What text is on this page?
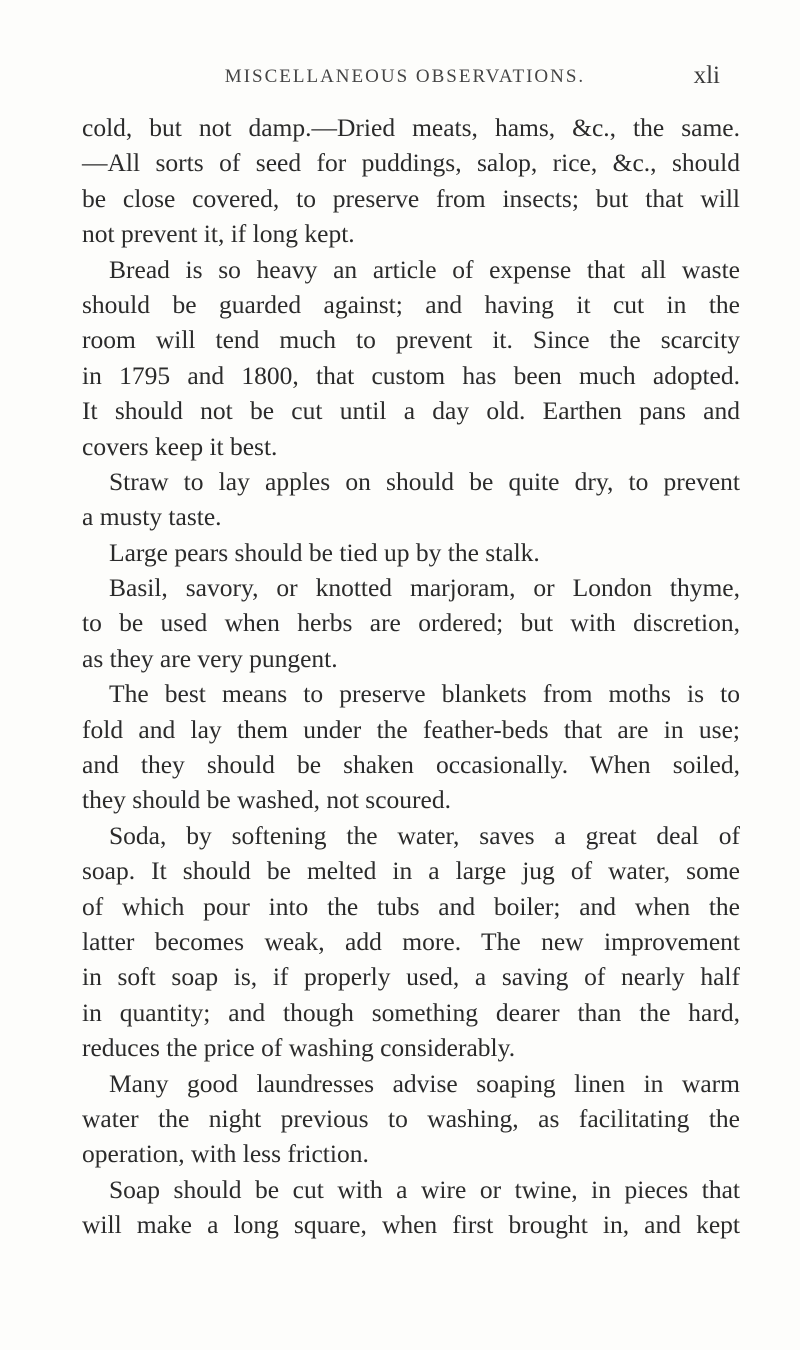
MISCELLANEOUS OBSERVATIONS.	xli
cold, but not damp.—Dried meats, hams, &c., the same.
—All sorts of seed for puddings, salop, rice, &c., should
be close covered, to preserve from insects; but that will
not prevent it, if long kept.
Bread is so heavy an article of expense that all waste
should be guarded against; and having it cut in the
room will tend much to prevent it. Since the scarcity
in 1795 and 1800, that custom has been much adopted.
It should not be cut until a day old. Earthen pans and
covers keep it best.
Straw to lay apples on should be quite dry, to prevent
a musty taste.
Large pears should be tied up by the stalk.
Basil, savory, or knotted marjoram, or London thyme,
to be used when herbs are ordered; but with discretion,
as they are very pungent.
The best means to preserve blankets from moths is to
fold and lay them under the feather-beds that are in use;
and they should be shaken occasionally. When soiled,
they should be washed, not scoured.
Soda, by softening the water, saves a great deal of
soap. It should be melted in a large jug of water, some
of which pour into the tubs and boiler; and when the
latter becomes weak, add more. The new improvement
in soft soap is, if properly used, a saving of nearly half
in quantity; and though something dearer than the hard,
reduces the price of washing considerably.
Many good laundresses advise soaping linen in warm
water the night previous to washing, as facilitating the
operation, with less friction.
Soap should be cut with a wire or twine, in pieces that
will make a long square, when first brought in, and kept
